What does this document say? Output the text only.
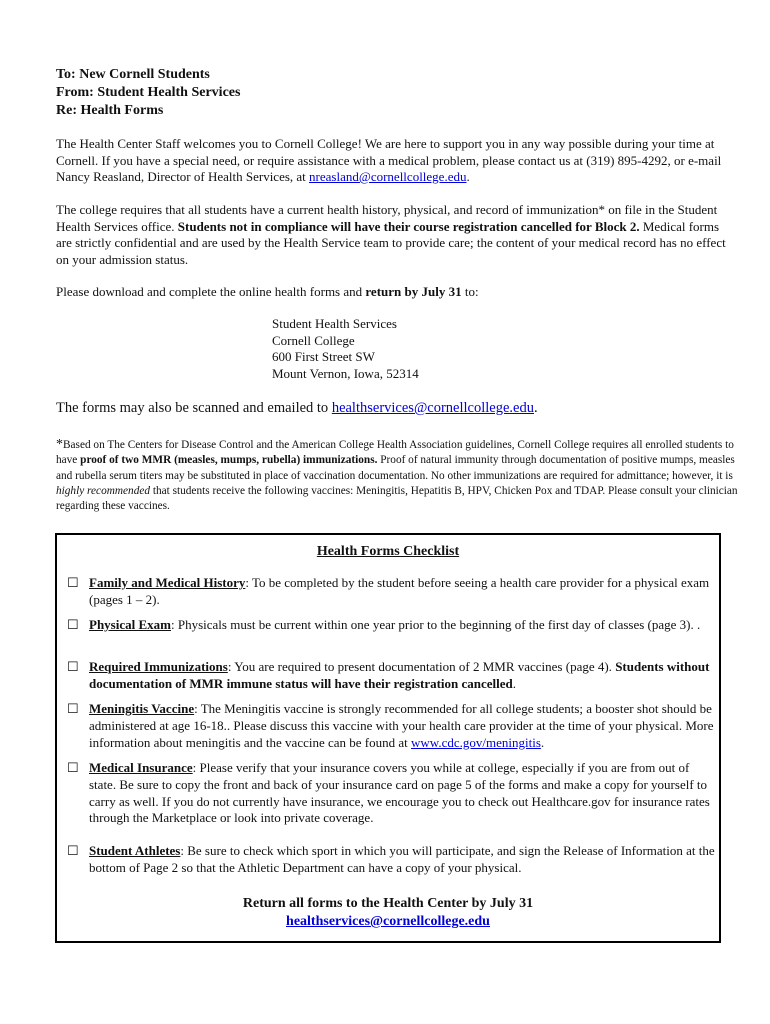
To: New Cornell Students
From: Student Health Services
Re: Health Forms
The Health Center Staff welcomes you to Cornell College! We are here to support you in any way possible during your time at Cornell. If you have a special need, or require assistance with a medical problem, please contact us at (319) 895-4292, or e-mail Nancy Reasland, Director of Health Services, at nreasland@cornellcollege.edu.
The college requires that all students have a current health history, physical, and record of immunization* on file in the Student Health Services office. Students not in compliance will have their course registration cancelled for Block 2. Medical forms are strictly confidential and are used by the Health Service team to provide care; the content of your medical record has no effect on your admission status.
Please download and complete the online health forms and return by July 31 to:
Student Health Services
Cornell College
600 First Street SW
Mount Vernon, Iowa, 52314
The forms may also be scanned and emailed to healthservices@cornellcollege.edu.
*Based on The Centers for Disease Control and the American College Health Association guidelines, Cornell College requires all enrolled students to have proof of two MMR (measles, mumps, rubella) immunizations. Proof of natural immunity through documentation of positive mumps, measles and rubella serum titers may be substituted in place of vaccination documentation. No other immunizations are required for admittance; however, it is highly recommended that students receive the following vaccines: Meningitis, Hepatitis B, HPV, Chicken Pox and TDAP. Please consult your clinician regarding these vaccines.
Health Forms Checklist
☐ Family and Medical History: To be completed by the student before seeing a health care provider for a physical exam (pages 1 – 2).
☐ Physical Exam: Physicals must be current within one year prior to the beginning of the first day of classes (page 3). .
☐ Required Immunizations: You are required to present documentation of 2 MMR vaccines (page 4). Students without documentation of MMR immune status will have their registration cancelled.
☐ Meningitis Vaccine: The Meningitis vaccine is strongly recommended for all college students; a booster shot should be administered at age 16-18.. Please discuss this vaccine with your health care provider at the time of your physical. More information about meningitis and the vaccine can be found at www.cdc.gov/meningitis.
☐ Medical Insurance: Please verify that your insurance covers you while at college, especially if you are from out of state. Be sure to copy the front and back of your insurance card on page 5 of the forms and make a copy for yourself to carry as well. If you do not currently have insurance, we encourage you to check out Healthcare.gov for insurance rates through the Marketplace or look into private coverage.
☐ Student Athletes: Be sure to check which sport in which you will participate, and sign the Release of Information at the bottom of Page 2 so that the Athletic Department can have a copy of your physical.
Return all forms to the Health Center by July 31
healthservices@cornellcollege.edu
